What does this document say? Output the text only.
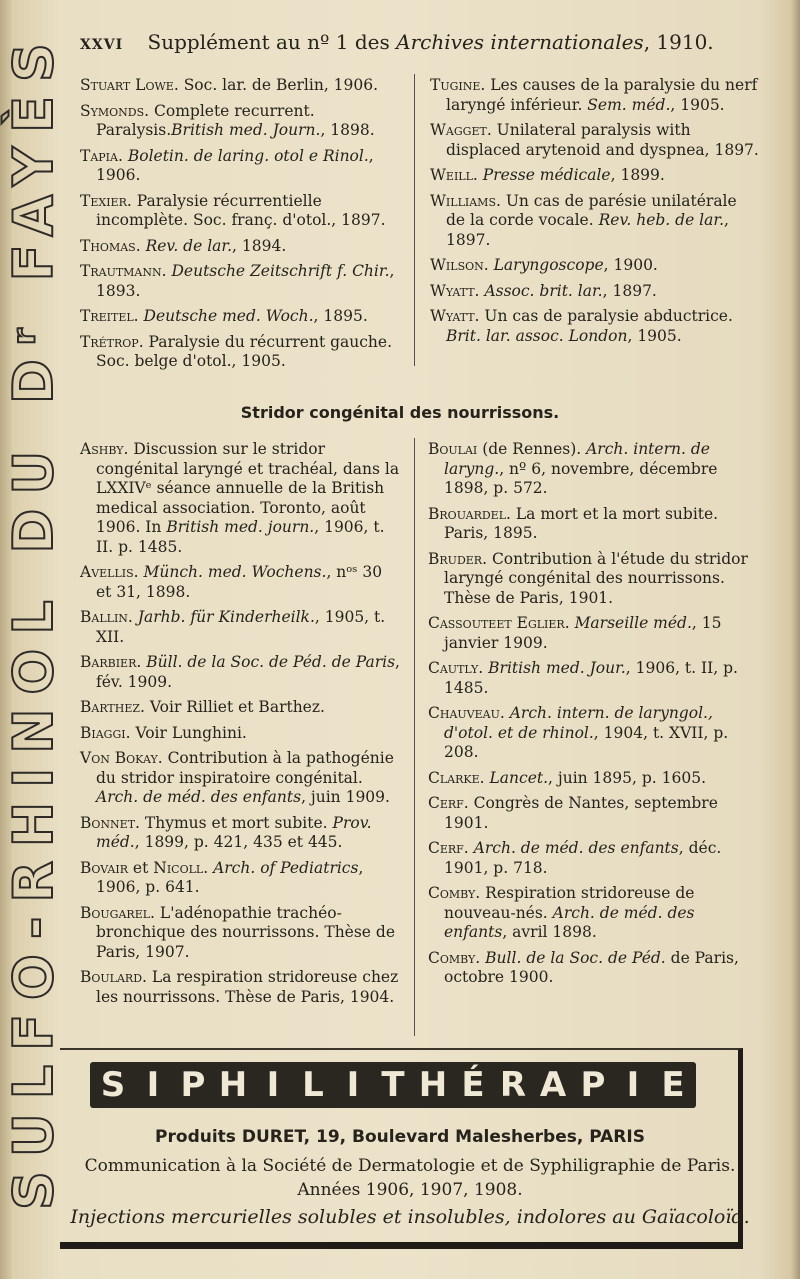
SULFO-RHINOL DU Dʳ FAYÈS XXVI Supplément au nº 1 des Archives internationales, 1910.

Stuart Lowe. Soc. lar. de Berlin, 1906.

Symonds. Complete recurrent. Paralysis.British med. Journ., 1898.

Tapia. Boletin. de laring. otol e Rinol., 1906.

Texier. Paralysie récurrentielle incomplète. Soc. franç. d'otol., 1897.

Thomas. Rev. de lar., 1894.

Trautmann. Deutsche Zeitschrift f. Chir., 1893.

Treitel. Deutsche med. Woch., 1895.

Trétrop. Paralysie du récurrent gauche. Soc. belge d'otol., 1905.

Tugine. Les causes de la paralysie du nerf laryngé inférieur. Sem. méd., 1905.

Wagget. Unilateral paralysis with displaced arytenoid and dyspnea, 1897.

Weill. Presse médicale, 1899.

Williams. Un cas de parésie unilatérale de la corde vocale. Rev. heb. de lar., 1897.

Wilson. Laryngoscope, 1900.

Wyatt. Assoc. brit. lar., 1897.

Wyatt. Un cas de paralysie abductrice. Brit. lar. assoc. London, 1905.

Stridor congénital des nourrissons.

Ashby. Discussion sur le stridor congénital laryngé et trachéal, dans la LXXIVᵉ séance annuelle de la British medical association. Toronto, août 1906. In British med. journ., 1906, t. II. p. 1485.

Avellis. Münch. med. Wochens., nᵒˢ 30 et 31, 1898.

Ballin. Jarhb. für Kinderheilk., 1905, t. XII.

Barbier. Büll. de la Soc. de Péd. de Paris, fév. 1909.

Barthez. Voir Rilliet et Barthez.

Biaggi. Voir Lunghini.

Von Bokay. Contribution à la pathogénie du stridor inspiratoire congénital. Arch. de méd. des enfants, juin 1909.

Bonnet. Thymus et mort subite. Prov. méd., 1899, p. 421, 435 et 445.

Bovair et Nicoll. Arch. of Pediatrics, 1906, p. 641.

Bougarel. L'adénopathie trachéo-bronchique des nourrissons. Thèse de Paris, 1907.

Boulard. La respiration stridoreuse chez les nourrissons. Thèse de Paris, 1904.

Boulai (de Rennes). Arch. intern. de laryng., nº 6, novembre, décembre 1898, p. 572.

Brouardel. La mort et la mort subite. Paris, 1895.

Bruder. Contribution à l'étude du stridor laryngé congénital des nourrissons. Thèse de Paris, 1901.

Cassouteet Eglier. Marseille méd., 15 janvier 1909.

Cautly. British med. Jour., 1906, t. II, p. 1485.

Chauveau. Arch. intern. de laryngol., d'otol. et de rhinol., 1904, t. XVII, p. 208.

Clarke. Lancet., juin 1895, p. 1605.

Cerf. Congrès de Nantes, septembre 1901.

Cerf. Arch. de méd. des enfants, déc. 1901, p. 718.

Comby. Respiration stridoreuse de nouveau-nés. Arch. de méd. des enfants, avril 1898.

Comby. Bull. de la Soc. de Péd. de Paris, octobre 1900.

S I P H I L I T H É R A P I E
Produits DURET, 19, Boulevard Malesherbes, PARIS
Communication à la Société de Dermatologie et de Syphiligraphie de Paris.
Années 1906, 1907, 1908.
Injections mercurielles solubles et insolubles, indolores au Gaïacoloïd.
